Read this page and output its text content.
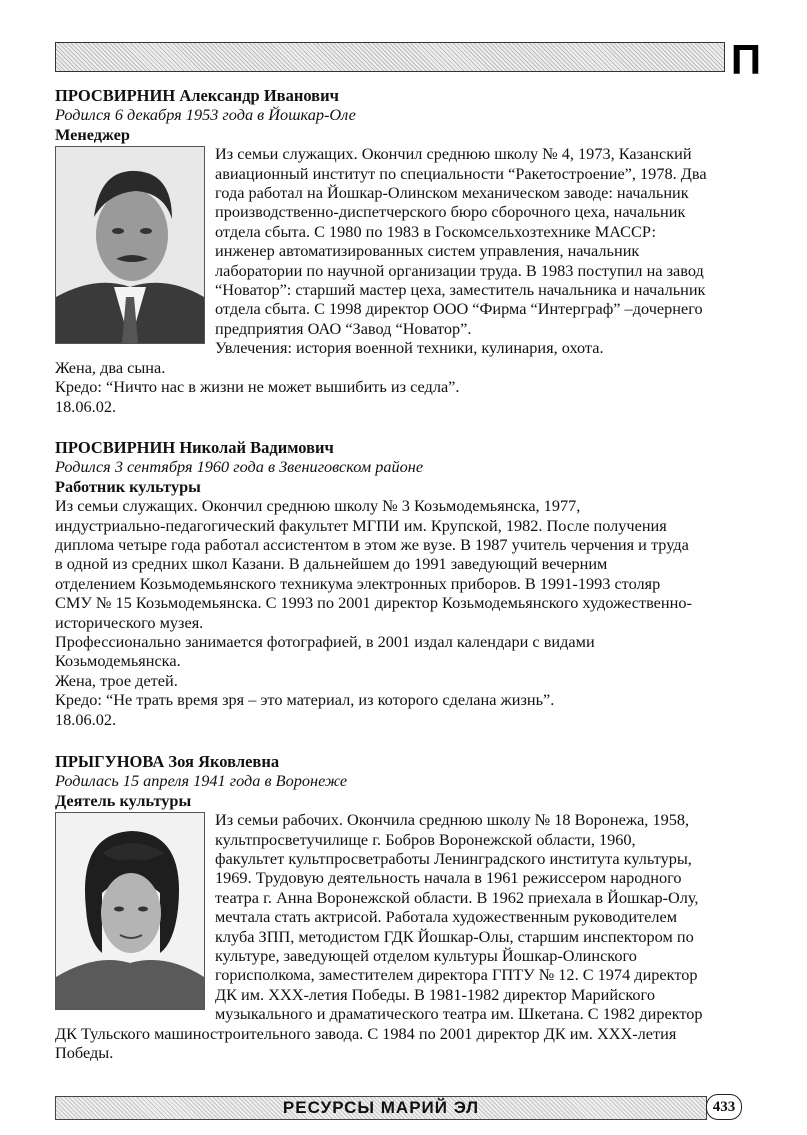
П
ПРОСВИРНИН Александр Иванович
Родился 6 декабря 1953 года в Йошкар-Оле
Менеджер
Из семьи служащих. Окончил среднюю школу № 4, 1973, Казанский
авиационный институт по специальности “Ракетостроение”, 1978. Два
года работал на Йошкар-Олинском механическом заводе: начальник
производственно-диспетчерского бюро сборочного цеха, начальник
отдела сбыта. С 1980 по 1983 в Госкомсельхозтехнике МАССР:
инженер автоматизированных систем управления, начальник
лаборатории по научной организации труда. В 1983 поступил на завод
“Новатор”: старший мастер цеха, заместитель начальника и начальник
отдела сбыта. С 1998 директор ООО “Фирма “Интерграф” –дочернего
предприятия ОАО “Завод “Новатор”.
Увлечения: история военной техники, кулинария, охота.
Жена, два сына.
Кредо: “Ничто нас в жизни не может вышибить из седла”.
18.06.02.
ПРОСВИРНИН Николай Вадимович
Родился 3 сентября 1960 года в Звениговском районе
Работник культуры
Из семьи служащих. Окончил среднюю школу № 3 Козьмодемьянска, 1977,
индустриально-педагогический факультет МГПИ им. Крупской, 1982. После получения
диплома четыре года работал ассистентом в этом же вузе. В 1987 учитель черчения и труда
в одной из средних школ Казани. В дальнейшем до 1991 заведующий вечерним
отделением Козьмодемьянского техникума электронных приборов. В 1991-1993 столяр
СМУ № 15 Козьмодемьянска. С 1993 по 2001 директор Козьмодемьянского художественно-
исторического музея.
Профессионально занимается фотографией, в 2001 издал календари с видами
Козьмодемьянска.
Жена, трое детей.
Кредо: “Не трать время зря – это материал, из которого сделана жизнь”.
18.06.02.
ПРЫГУНОВА Зоя Яковлевна
Родилась 15 апреля 1941 года в Воронеже
Деятель культуры
Из семьи рабочих. Окончила среднюю школу № 18 Воронежа, 1958,
культпросветучилище г. Бобров Воронежской области, 1960,
факультет культпросветработы Ленинградского института культуры,
1969. Трудовую деятельность начала в 1961 режиссером народного
театра г. Анна Воронежской области. В 1962 приехала в Йошкар-Олу,
мечтала стать актрисой. Работала художественным руководителем
клуба ЗПП, методистом ГДК Йошкар-Олы, старшим инспектором по
культуре, заведующей отделом культуры Йошкар-Олинского
горисполкома, заместителем директора ГПТУ № 12. С 1974 директор
ДК им. ХХХ-летия Победы. В 1981-1982 директор Марийского
музыкального и драматического театра им. Шкетана. С 1982 директор
ДК Тульского машиностроительного завода. С 1984 по 2001 директор ДК им. ХХХ-летия
Победы.
РЕСУРСЫ МАРИЙ ЭЛ	433
